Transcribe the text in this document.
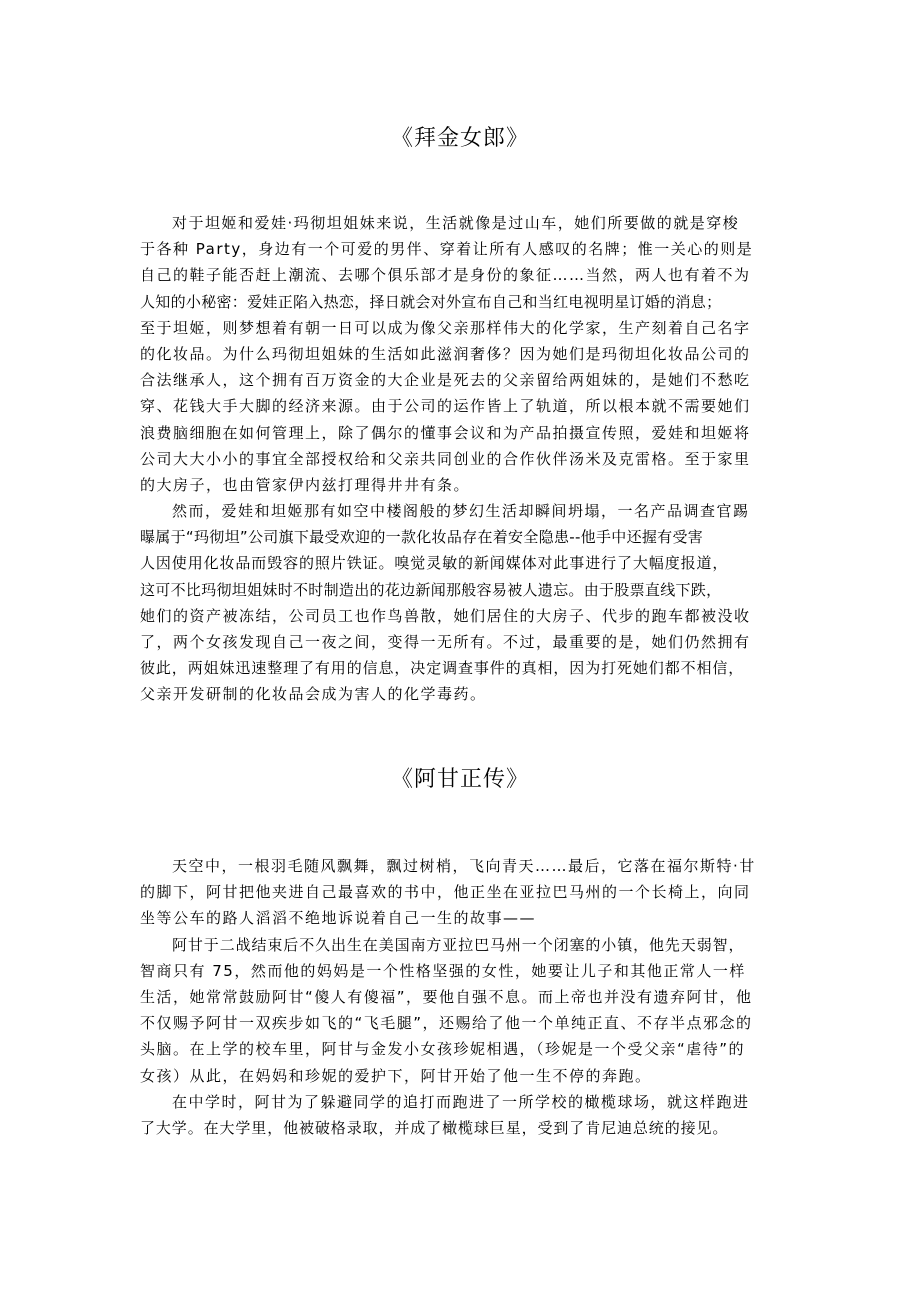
《拜金女郎》
对于坦姬和爱娃·玛彻坦姐妹来说，生活就像是过山车，她们所要做的就是穿梭
于各种 Party，身边有一个可爱的男伴、穿着让所有人感叹的名牌；惟一关心的则是
自己的鞋子能否赶上潮流、去哪个俱乐部才是身份的象征……当然，两人也有着不为
人知的小秘密：爱娃正陷入热恋，择日就会对外宣布自己和当红电视明星订婚的消息；
至于坦姬，则梦想着有朝一日可以成为像父亲那样伟大的化学家，生产刻着自己名字
的化妆品。为什么玛彻坦姐妹的生活如此滋润奢侈？因为她们是玛彻坦化妆品公司的
合法继承人，这个拥有百万资金的大企业是死去的父亲留给两姐妹的，是她们不愁吃
穿、花钱大手大脚的经济来源。由于公司的运作皆上了轨道，所以根本就不需要她们
浪费脑细胞在如何管理上，除了偶尔的懂事会议和为产品拍摄宣传照，爱娃和坦姬将
公司大大小小的事宜全部授权给和父亲共同创业的合作伙伴汤米及克雷格。至于家里
的大房子，也由管家伊内兹打理得井井有条。
然而，爱娃和坦姬那有如空中楼阁般的梦幻生活却瞬间坍塌，一名产品调查官踢
曝属于“玛彻坦”公司旗下最受欢迎的一款化妆品存在着安全隐患--他手中还握有受害
人因使用化妆品而毁容的照片铁证。嗅觉灵敏的新闻媒体对此事进行了大幅度报道，
这可不比玛彻坦姐妹时不时制造出的花边新闻那般容易被人遗忘。由于股票直线下跌，
她们的资产被冻结，公司员工也作鸟兽散，她们居住的大房子、代步的跑车都被没收
了，两个女孩发现自己一夜之间，变得一无所有。不过，最重要的是，她们仍然拥有
彼此，两姐妹迅速整理了有用的信息，决定调查事件的真相，因为打死她们都不相信，
父亲开发研制的化妆品会成为害人的化学毒药。
《阿甘正传》
天空中，一根羽毛随风飘舞，飘过树梢，飞向青天……最后，它落在福尔斯特·甘
的脚下，阿甘把他夹进自己最喜欢的书中，他正坐在亚拉巴马州的一个长椅上，向同
坐等公车的路人滔滔不绝地诉说着自己一生的故事——
阿甘于二战结束后不久出生在美国南方亚拉巴马州一个闭塞的小镇，他先天弱智，
智商只有 75，然而他的妈妈是一个性格坚强的女性，她要让儿子和其他正常人一样
生活，她常常鼓励阿甘“傻人有傻福”，要他自强不息。而上帝也并没有遗弃阿甘，他
不仅赐予阿甘一双疾步如飞的“飞毛腿”，还赐给了他一个单纯正直、不存半点邪念的
头脑。在上学的校车里，阿甘与金发小女孩珍妮相遇，（珍妮是一个受父亲“虐待”的
女孩）从此，在妈妈和珍妮的爱护下，阿甘开始了他一生不停的奔跑。
在中学时，阿甘为了躲避同学的追打而跑进了一所学校的橄榄球场，就这样跑进
了大学。在大学里，他被破格录取，并成了橄榄球巨星，受到了肯尼迪总统的接见。
